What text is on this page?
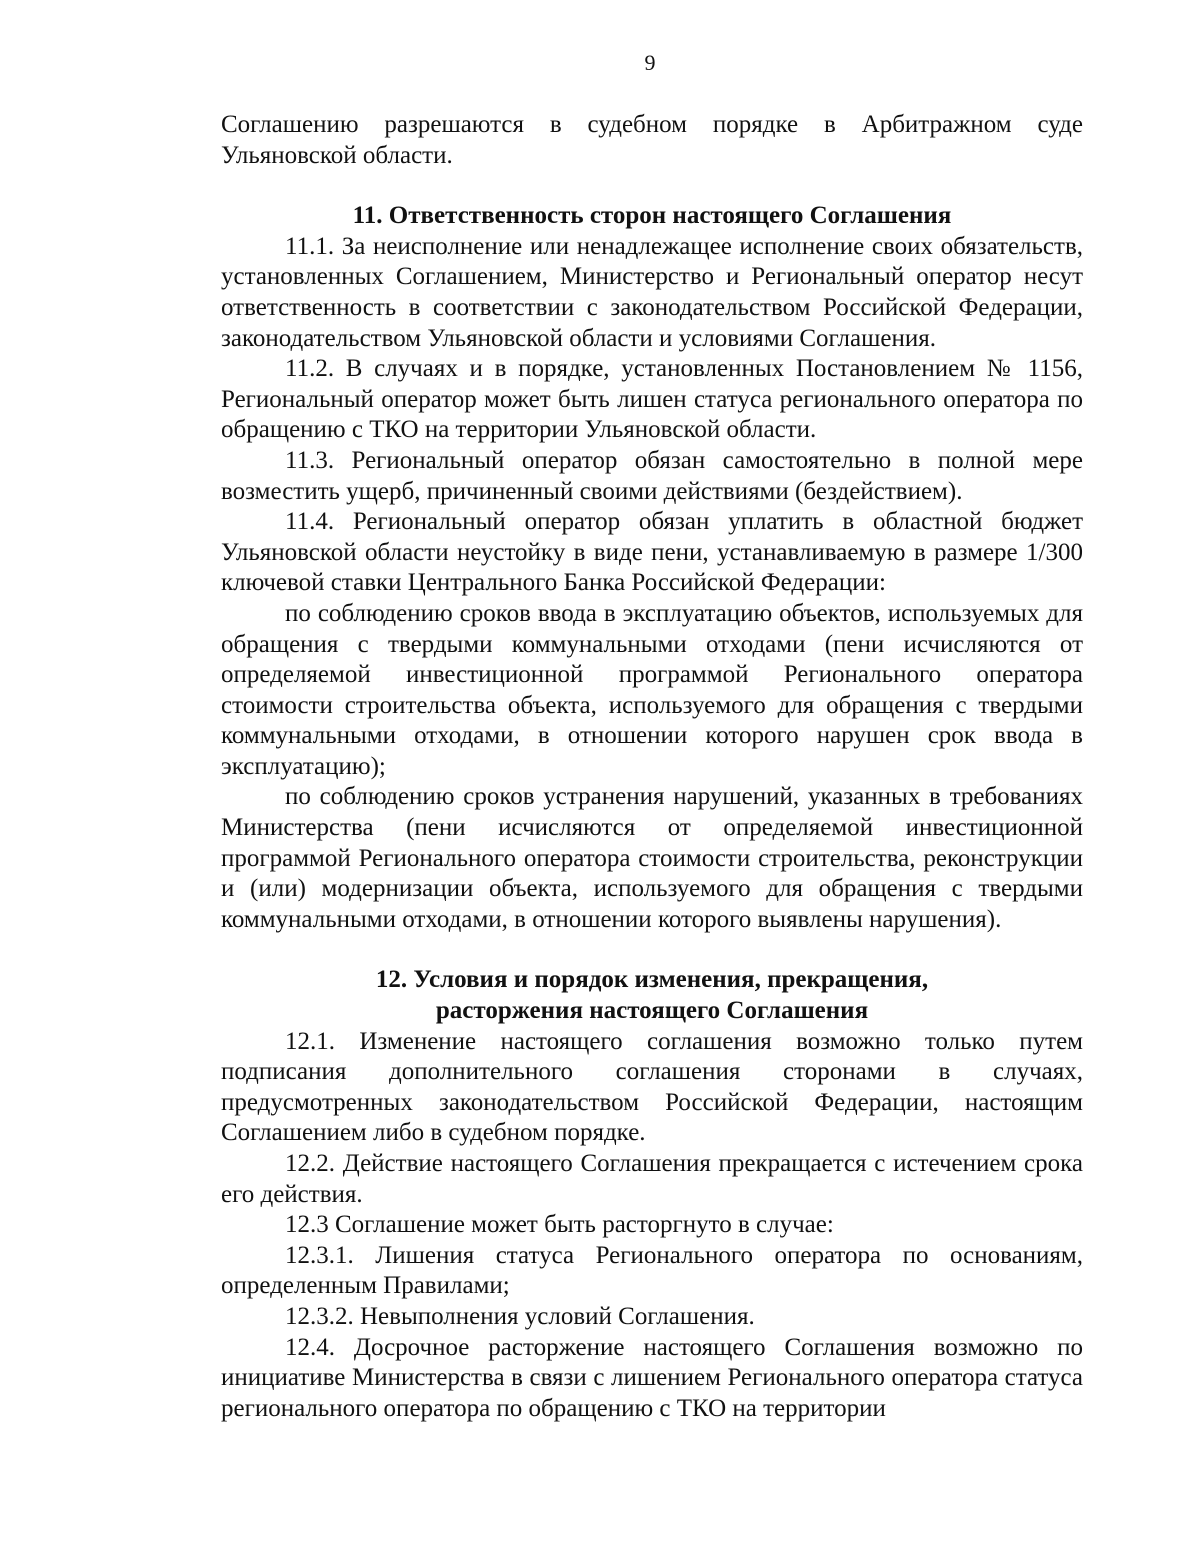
9

Соглашению разрешаются в судебном порядке в Арбитражном суде Ульяновской области.

11. Ответственность сторон настоящего Соглашения

11.1. За неисполнение или ненадлежащее исполнение своих обязательств, установленных Соглашением, Министерство и Региональный оператор несут ответственность в соответствии с законодательством Российской Федерации, законодательством Ульяновской области и условиями Соглашения.

11.2. В случаях и в порядке, установленных Постановлением № 1156, Региональный оператор может быть лишен статуса регионального оператора по обращению с ТКО на территории Ульяновской области.

11.3. Региональный оператор обязан самостоятельно в полной мере возместить ущерб, причиненный своими действиями (бездействием).

11.4. Региональный оператор обязан уплатить в областной бюджет Ульяновской области неустойку в виде пени, устанавливаемую в размере 1/300 ключевой ставки Центрального Банка Российской Федерации:

по соблюдению сроков ввода в эксплуатацию объектов, используемых для обращения с твердыми коммунальными отходами (пени исчисляются от определяемой инвестиционной программой Регионального оператора стоимости строительства объекта, используемого для обращения с твердыми коммунальными отходами, в отношении которого нарушен срок ввода в эксплуатацию);

по соблюдению сроков устранения нарушений, указанных в требованиях Министерства (пени исчисляются от определяемой инвестиционной программой Регионального оператора стоимости строительства, реконструкции и (или) модернизации объекта, используемого для обращения с твердыми коммунальными отходами, в отношении которого выявлены нарушения).

12. Условия и порядок изменения, прекращения,
расторжения настоящего Соглашения

12.1. Изменение настоящего соглашения возможно только путем подписания дополнительного соглашения сторонами в случаях, предусмотренных законодательством Российской Федерации, настоящим Соглашением либо в судебном порядке.

12.2. Действие настоящего Соглашения прекращается с истечением срока его действия.

12.3 Соглашение может быть расторгнуто в случае:

12.3.1. Лишения статуса Регионального оператора по основаниям, определенным Правилами;

12.3.2. Невыполнения условий Соглашения.

12.4. Досрочное расторжение настоящего Соглашения возможно по инициативе Министерства в связи с лишением Регионального оператора статуса регионального оператора по обращению с ТКО на территории
